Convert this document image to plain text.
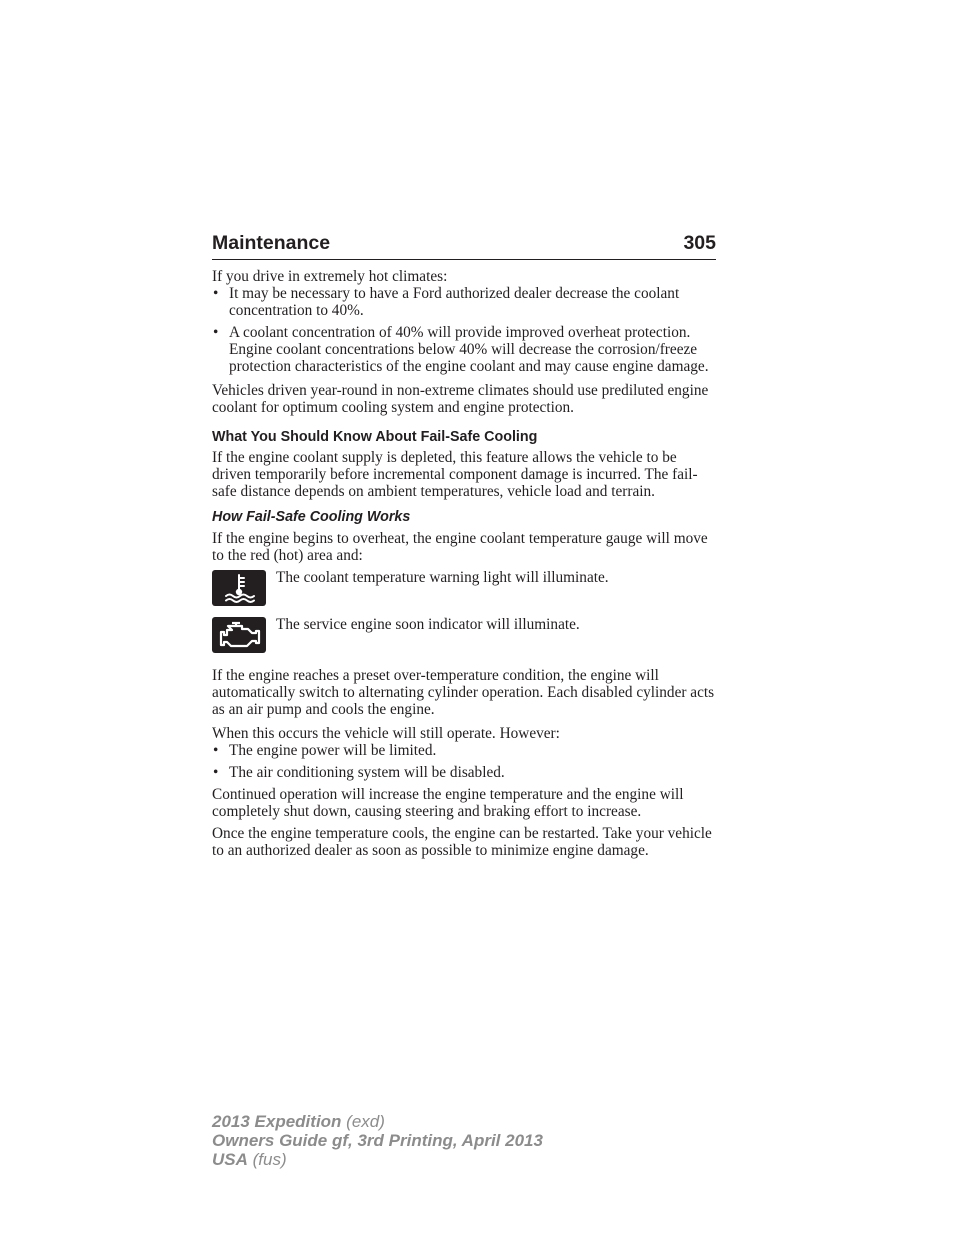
Maintenance	305

If you drive in extremely hot climates:

• It may be necessary to have a Ford authorized dealer decrease the coolant concentration to 40%.
• A coolant concentration of 40% will provide improved overheat protection. Engine coolant concentrations below 40% will decrease the corrosion/freeze protection characteristics of the engine coolant and may cause engine damage.

Vehicles driven year-round in non-extreme climates should use prediluted engine coolant for optimum cooling system and engine protection.

What You Should Know About Fail-Safe Cooling

If the engine coolant supply is depleted, this feature allows the vehicle to be driven temporarily before incremental component damage is incurred. The fail-safe distance depends on ambient temperatures, vehicle load and terrain.

How Fail-Safe Cooling Works

If the engine begins to overheat, the engine coolant temperature gauge will move to the red (hot) area and:

The coolant temperature warning light will illuminate.
The service engine soon indicator will illuminate.

If the engine reaches a preset over-temperature condition, the engine will automatically switch to alternating cylinder operation. Each disabled cylinder acts as an air pump and cools the engine.

When this occurs the vehicle will still operate. However:

• The engine power will be limited.
• The air conditioning system will be disabled.

Continued operation will increase the engine temperature and the engine will completely shut down, causing steering and braking effort to increase.

Once the engine temperature cools, the engine can be restarted. Take your vehicle to an authorized dealer as soon as possible to minimize engine damage.

2013 Expedition (exd)
Owners Guide gf, 3rd Printing, April 2013
USA (fus)
